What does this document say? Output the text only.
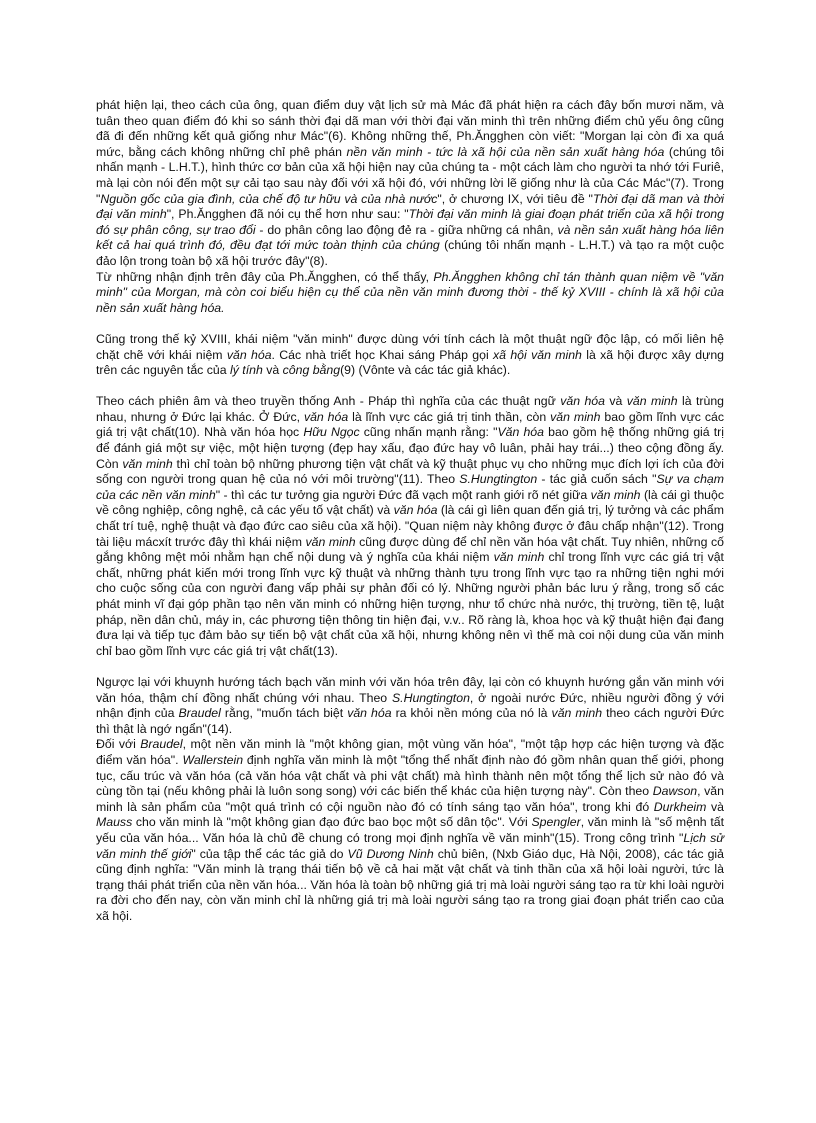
phát hiện lại, theo cách của ông, quan điểm duy vật lịch sử mà Mác đã phát hiện ra cách đây bốn mươi năm, và tuân theo quan điểm đó khi so sánh thời đại dã man với thời đại văn minh thì trên những điểm chủ yếu ông cũng đã đi đến những kết quả giống như Mác"(6). Không những thế, Ph.Ăngghen còn viết: "Morgan lại còn đi xa quá mức, bằng cách không những chỉ phê phán nền văn minh - tức là xã hội của nền sản xuất hàng hóa (chúng tôi nhấn mạnh - L.H.T.), hình thức cơ bản của xã hội hiện nay của chúng ta - một cách làm cho người ta nhớ tới Furiê, mà lại còn nói đến một sự cải tạo sau này đối với xã hội đó, với những lời lẽ giống như là của Các Mác"(7). Trong "Nguồn gốc của gia đình, của chế độ tư hữu và của nhà nước", ở chương IX, với tiêu đề "Thời đại dã man và thời đại văn minh", Ph.Ăngghen đã nói cụ thể hơn như sau: "Thời đại văn minh là giai đoạn phát triển của xã hội trong đó sự phân công, sự trao đổi - do phân công lao động đẻ ra - giữa những cá nhân, và nền sản xuất hàng hóa liên kết cả hai quá trình đó, đều đạt tới mức toàn thịnh của chúng (chúng tôi nhấn mạnh - L.H.T.) và tạo ra một cuộc đảo lộn trong toàn bộ xã hội trước đây"(8).

Từ những nhận định trên đây của Ph.Ăngghen, có thể thấy, Ph.Ăngghen không chỉ tán thành quan niệm về "văn minh" của Morgan, mà còn coi biểu hiện cụ thể của nền văn minh đương thời - thế kỷ XVIII - chính là xã hội của nền sản xuất hàng hóa.

Cũng trong thế kỷ XVIII, khái niệm "văn minh" được dùng với tính cách là một thuật ngữ độc lập, có mối liên hệ chặt chẽ với khái niệm văn hóa. Các nhà triết học Khai sáng Pháp gọi xã hội văn minh là xã hội được xây dựng trên các nguyên tắc của lý tính và công bằng(9) (Vônte và các tác giả khác).

Theo cách phiên âm và theo truyền thống Anh - Pháp thì nghĩa của các thuật ngữ văn hóa và văn minh là trùng nhau, nhưng ở Đức lại khác. Ở Đức, văn hóa là lĩnh vực các giá trị tinh thần, còn văn minh bao gồm lĩnh vực các giá trị vật chất(10). Nhà văn hóa học Hữu Ngọc cũng nhấn mạnh rằng: "Văn hóa bao gồm hệ thống những giá trị để đánh giá một sự việc, một hiện tượng (đẹp hay xấu, đạo đức hay vô luân, phải hay trái...) theo cộng đồng ấy. Còn văn minh thì chỉ toàn bộ những phương tiện vật chất và kỹ thuật phục vụ cho những mục đích lợi ích của đời sống con người trong quan hệ của nó với môi trường"(11). Theo S.Hungtington - tác giả cuốn sách "Sự va chạm của các nền văn minh" - thì các tư tưởng gia người Đức đã vạch một ranh giới rõ nét giữa văn minh (là cái gì thuộc về công nghiệp, công nghệ, cả các yếu tố vật chất) và văn hóa (là cái gì liên quan đến giá trị, lý tưởng và các phẩm chất trí tuệ, nghệ thuật và đạo đức cao siêu của xã hội). "Quan niệm này không được ở đâu chấp nhận"(12). Trong tài liệu mácxít trước đây thì khái niệm văn minh cũng được dùng để chỉ nền văn hóa vật chất. Tuy nhiên, những cố gắng không mệt mỏi nhằm hạn chế nội dung và ý nghĩa của khái niệm văn minh chỉ trong lĩnh vực các giá trị vật chất, những phát kiến mới trong lĩnh vực kỹ thuật và những thành tựu trong lĩnh vực tạo ra những tiện nghi mới cho cuộc sống của con người đang vấp phải sự phản đối có lý. Những người phản bác lưu ý rằng, trong số các phát minh vĩ đại góp phần tạo nên văn minh có những hiện tượng, như tổ chức nhà nước, thị trường, tiền tệ, luật pháp, nền dân chủ, máy in, các phương tiện thông tin hiện đại, v.v.. Rõ ràng là, khoa học và kỹ thuật hiện đại đang đưa lại và tiếp tục đảm bảo sự tiến bộ vật chất của xã hội, nhưng không nên vì thế mà coi nội dung của văn minh chỉ bao gồm lĩnh vực các giá trị vật chất(13).

Ngược lại với khuynh hướng tách bạch văn minh với văn hóa trên đây, lại còn có khuynh hướng gắn văn minh với văn hóa, thậm chí đồng nhất chúng với nhau. Theo S.Hungtington, ở ngoài nước Đức, nhiều người đồng ý với nhận định của Braudel rằng, "muốn tách biệt văn hóa ra khỏi nền móng của nó là văn minh theo cách người Đức thì thật là ngớ ngẩn"(14).

Đối với Braudel, một nền văn minh là "một không gian, một vùng văn hóa", "một tập hợp các hiện tượng và đặc điểm văn hóa". Wallerstein định nghĩa văn minh là một "tổng thể nhất định nào đó gồm nhân quan thế giới, phong tục, cấu trúc và văn hóa (cả văn hóa vật chất và phi vật chất) mà hình thành nên một tổng thể lịch sử nào đó và cùng tồn tại (nếu không phải là luôn song song) với các biến thể khác của hiện tượng này". Còn theo Dawson, văn minh là sản phẩm của "một quá trình có cội nguồn nào đó có tính sáng tạo văn hóa", trong khi đó Durkheim và Mauss cho văn minh là "một không gian đạo đức bao bọc một số dân tộc". Với Spengler, văn minh là "số mệnh tất yếu của văn hóa... Văn hóa là chủ đề chung có trong mọi định nghĩa về văn minh"(15). Trong công trình "Lịch sử văn minh thế giới" của tập thể các tác giả do Vũ Dương Ninh chủ biên, (Nxb Giáo dục, Hà Nội, 2008), các tác giả cũng định nghĩa: "Văn minh là trạng thái tiến bộ về cả hai mặt vật chất và tinh thần của xã hội loài người, tức là trạng thái phát triển của nền văn hóa... Văn hóa là toàn bộ những giá trị mà loài người sáng tạo ra từ khi loài người ra đời cho đến nay, còn văn minh chỉ là những giá trị mà loài người sáng tạo ra trong giai đoạn phát triển cao của xã hội.
